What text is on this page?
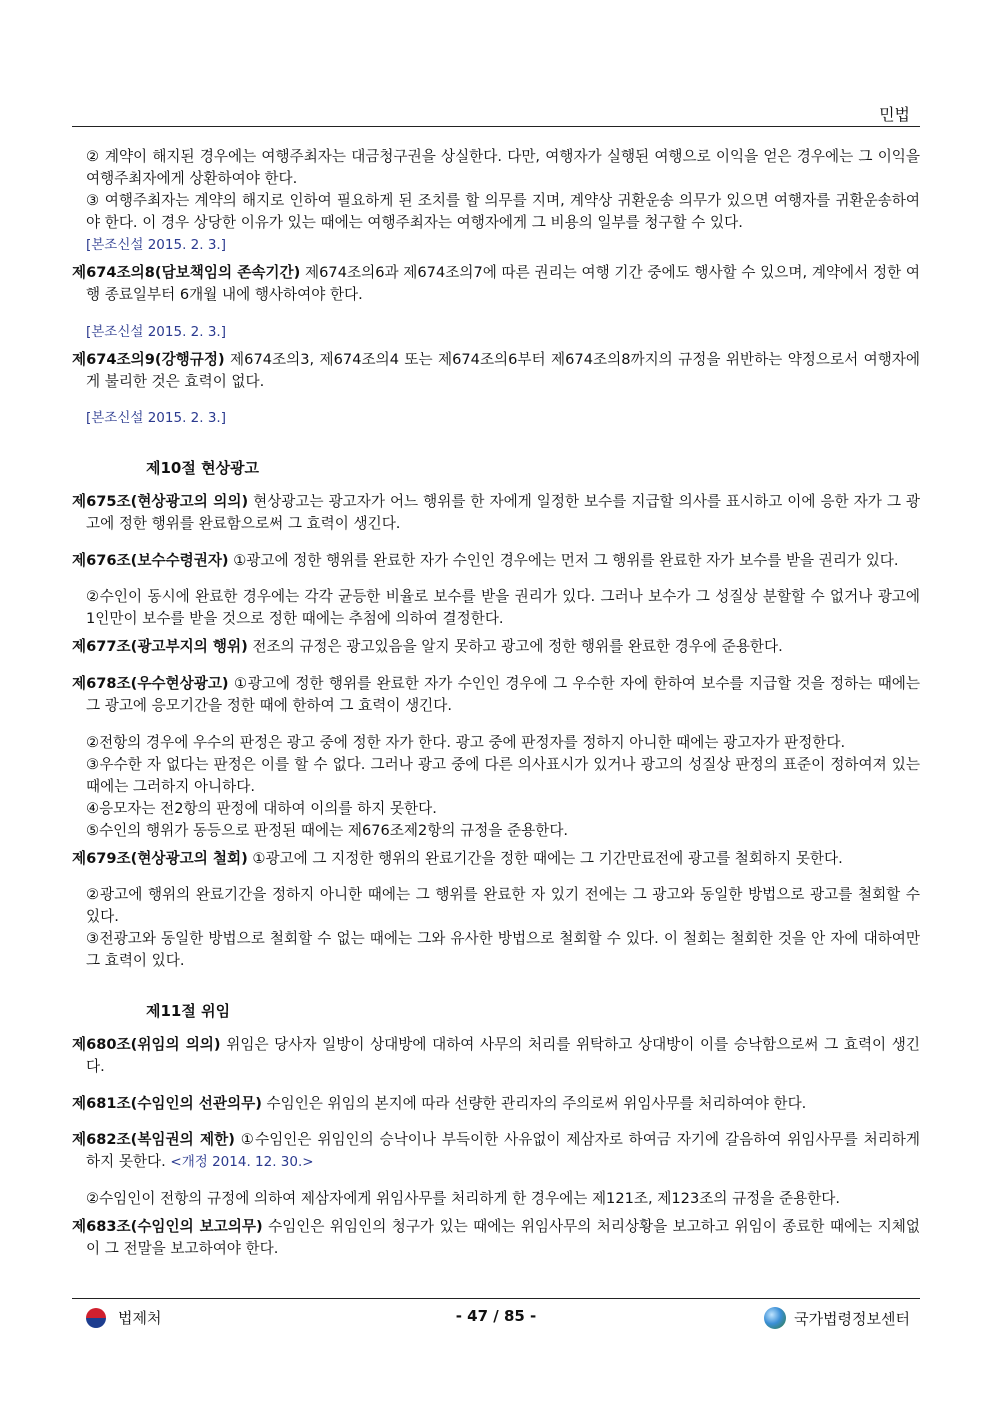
민법

② 계약이 해지된 경우에는 여행주최자는 대금청구권을 상실한다. 다만, 여행자가 실행된 여행으로 이익을 얻은 경우에는 그 이익을 여행주최자에게 상환하여야 한다.

③ 여행주최자는 계약의 해지로 인하여 필요하게 된 조치를 할 의무를 지며, 계약상 귀환운송 의무가 있으면 여행자를 귀환운송하여야 한다. 이 경우 상당한 이유가 있는 때에는 여행주최자는 여행자에게 그 비용의 일부를 청구할 수 있다.

[본조신설 2015. 2. 3.]

제674조의8(담보책임의 존속기간) 제674조의6과 제674조의7에 따른 권리는 여행 기간 중에도 행사할 수 있으며, 계약에서 정한 여행 종료일부터 6개월 내에 행사하여야 한다.

[본조신설 2015. 2. 3.]

제674조의9(강행규정) 제674조의3, 제674조의4 또는 제674조의6부터 제674조의8까지의 규정을 위반하는 약정으로서 여행자에게 불리한 것은 효력이 없다.

[본조신설 2015. 2. 3.]
제10절 현상광고

제675조(현상광고의 의의) 현상광고는 광고자가 어느 행위를 한 자에게 일정한 보수를 지급할 의사를 표시하고 이에 응한 자가 그 광고에 정한 행위를 완료함으로써 그 효력이 생긴다.

제676조(보수수령권자) ①광고에 정한 행위를 완료한 자가 수인인 경우에는 먼저 그 행위를 완료한 자가 보수를 받을 권리가 있다.

②수인이 동시에 완료한 경우에는 각각 균등한 비율로 보수를 받을 권리가 있다. 그러나 보수가 그 성질상 분할할 수 없거나 광고에 1인만이 보수를 받을 것으로 정한 때에는 추첨에 의하여 결정한다.

제677조(광고부지의 행위) 전조의 규정은 광고있음을 알지 못하고 광고에 정한 행위를 완료한 경우에 준용한다.

제678조(우수현상광고) ①광고에 정한 행위를 완료한 자가 수인인 경우에 그 우수한 자에 한하여 보수를 지급할 것을 정하는 때에는 그 광고에 응모기간을 정한 때에 한하여 그 효력이 생긴다.

②전항의 경우에 우수의 판정은 광고 중에 정한 자가 한다. 광고 중에 판정자를 정하지 아니한 때에는 광고자가 판정한다.

③우수한 자 없다는 판정은 이를 할 수 없다. 그러나 광고 중에 다른 의사표시가 있거나 광고의 성질상 판정의 표준이 정하여져 있는 때에는 그러하지 아니하다.

④응모자는 전2항의 판정에 대하여 이의를 하지 못한다.

⑤수인의 행위가 동등으로 판정된 때에는 제676조제2항의 규정을 준용한다.

제679조(현상광고의 철회) ①광고에 그 지정한 행위의 완료기간을 정한 때에는 그 기간만료전에 광고를 철회하지 못한다.

②광고에 행위의 완료기간을 정하지 아니한 때에는 그 행위를 완료한 자 있기 전에는 그 광고와 동일한 방법으로 광고를 철회할 수 있다.

③전광고와 동일한 방법으로 철회할 수 없는 때에는 그와 유사한 방법으로 철회할 수 있다. 이 철회는 철회한 것을 안 자에 대하여만 그 효력이 있다.

제11절 위임

제680조(위임의 의의) 위임은 당사자 일방이 상대방에 대하여 사무의 처리를 위탁하고 상대방이 이를 승낙함으로써 그 효력이 생긴다.

제681조(수임인의 선관의무) 수임인은 위임의 본지에 따라 선량한 관리자의 주의로써 위임사무를 처리하여야 한다.

제682조(복임권의 제한) ①수임인은 위임인의 승낙이나 부득이한 사유없이 제삼자로 하여금 자기에 갈음하여 위임사무를 처리하게 하지 못한다. <개정 2014. 12. 30.>

②수임인이 전항의 규정에 의하여 제삼자에게 위임사무를 처리하게 한 경우에는 제121조, 제123조의 규정을 준용한다.

제683조(수임인의 보고의무) 수임인은 위임인의 청구가 있는 때에는 위임사무의 처리상황을 보고하고 위임이 종료한 때에는 지체없이 그 전말을 보고하여야 한다.

법제처	- 47 / 85 -	국가법령정보센터
